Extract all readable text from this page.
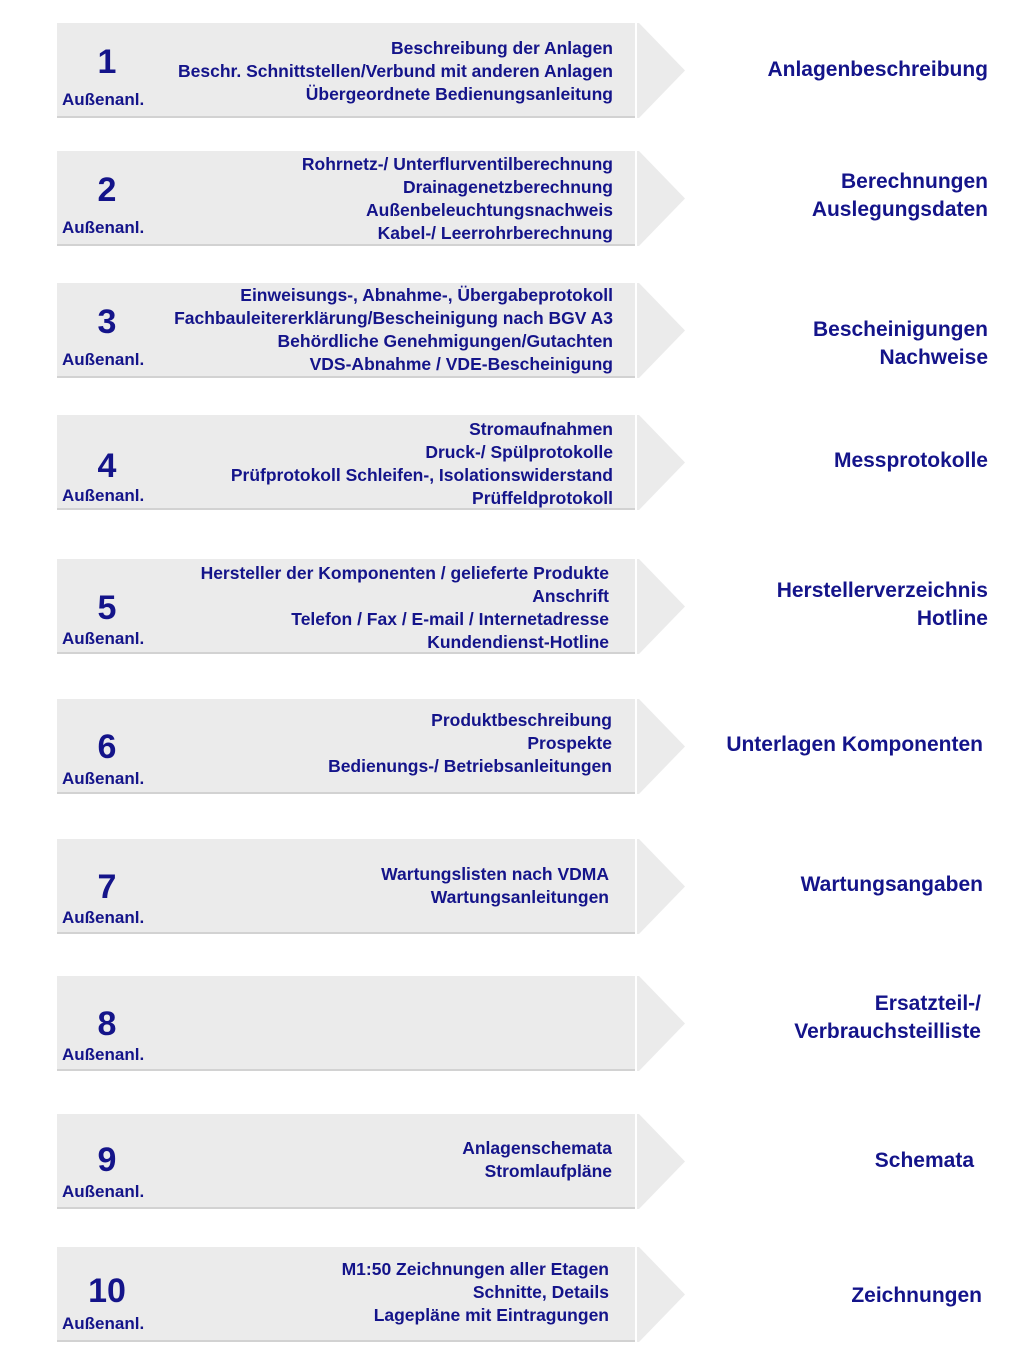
1
Außenanl.
Beschreibung der Anlagen
Beschr. Schnittstellen/Verbund mit anderen Anlagen
Übergeordnete Bedienungsanleitung
Anlagenbeschreibung
2
Außenanl.
Rohrnetz-/ Unterflurventilberechnung
Drainagenetzberechnung
Außenbeleuchtungsnachweis
Kabel-/ Leerrohrberechnung
Berechnungen
Auslegungsdaten
3
Außenanl.
Einweisungs-, Abnahme-, Übergabeprotokoll
Fachbauleitererklärung/Bescheinigung nach BGV A3
Behördliche Genehmigungen/Gutachten
VDS-Abnahme / VDE-Bescheinigung
Bescheinigungen
Nachweise
4
Außenanl.
Stromaufnahmen
Druck-/ Spülprotokolle
Prüfprotokoll Schleifen-, Isolationswiderstand
Prüffeldprotokoll
Messprotokolle
5
Außenanl.
Hersteller der Komponenten / gelieferte Produkte
Anschrift
Telefon / Fax / E-mail / Internetadresse
Kundendienst-Hotline
Herstellerverzeichnis
Hotline
6
Außenanl.
Produktbeschreibung
Prospekte
Bedienungs-/ Betriebsanleitungen
Unterlagen Komponenten
7
Außenanl.
Wartungslisten nach VDMA
Wartungsanleitungen
Wartungsangaben
8
Außenanl.
Ersatzteil-/
Verbrauchsteilliste
9
Außenanl.
Anlagenschemata
Stromlaufpläne	Schemata
10
Außenanl.
M1:50 Zeichnungen aller Etagen
Schnitte, Details
Lagepläne mit Eintragungen
Zeichnungen
